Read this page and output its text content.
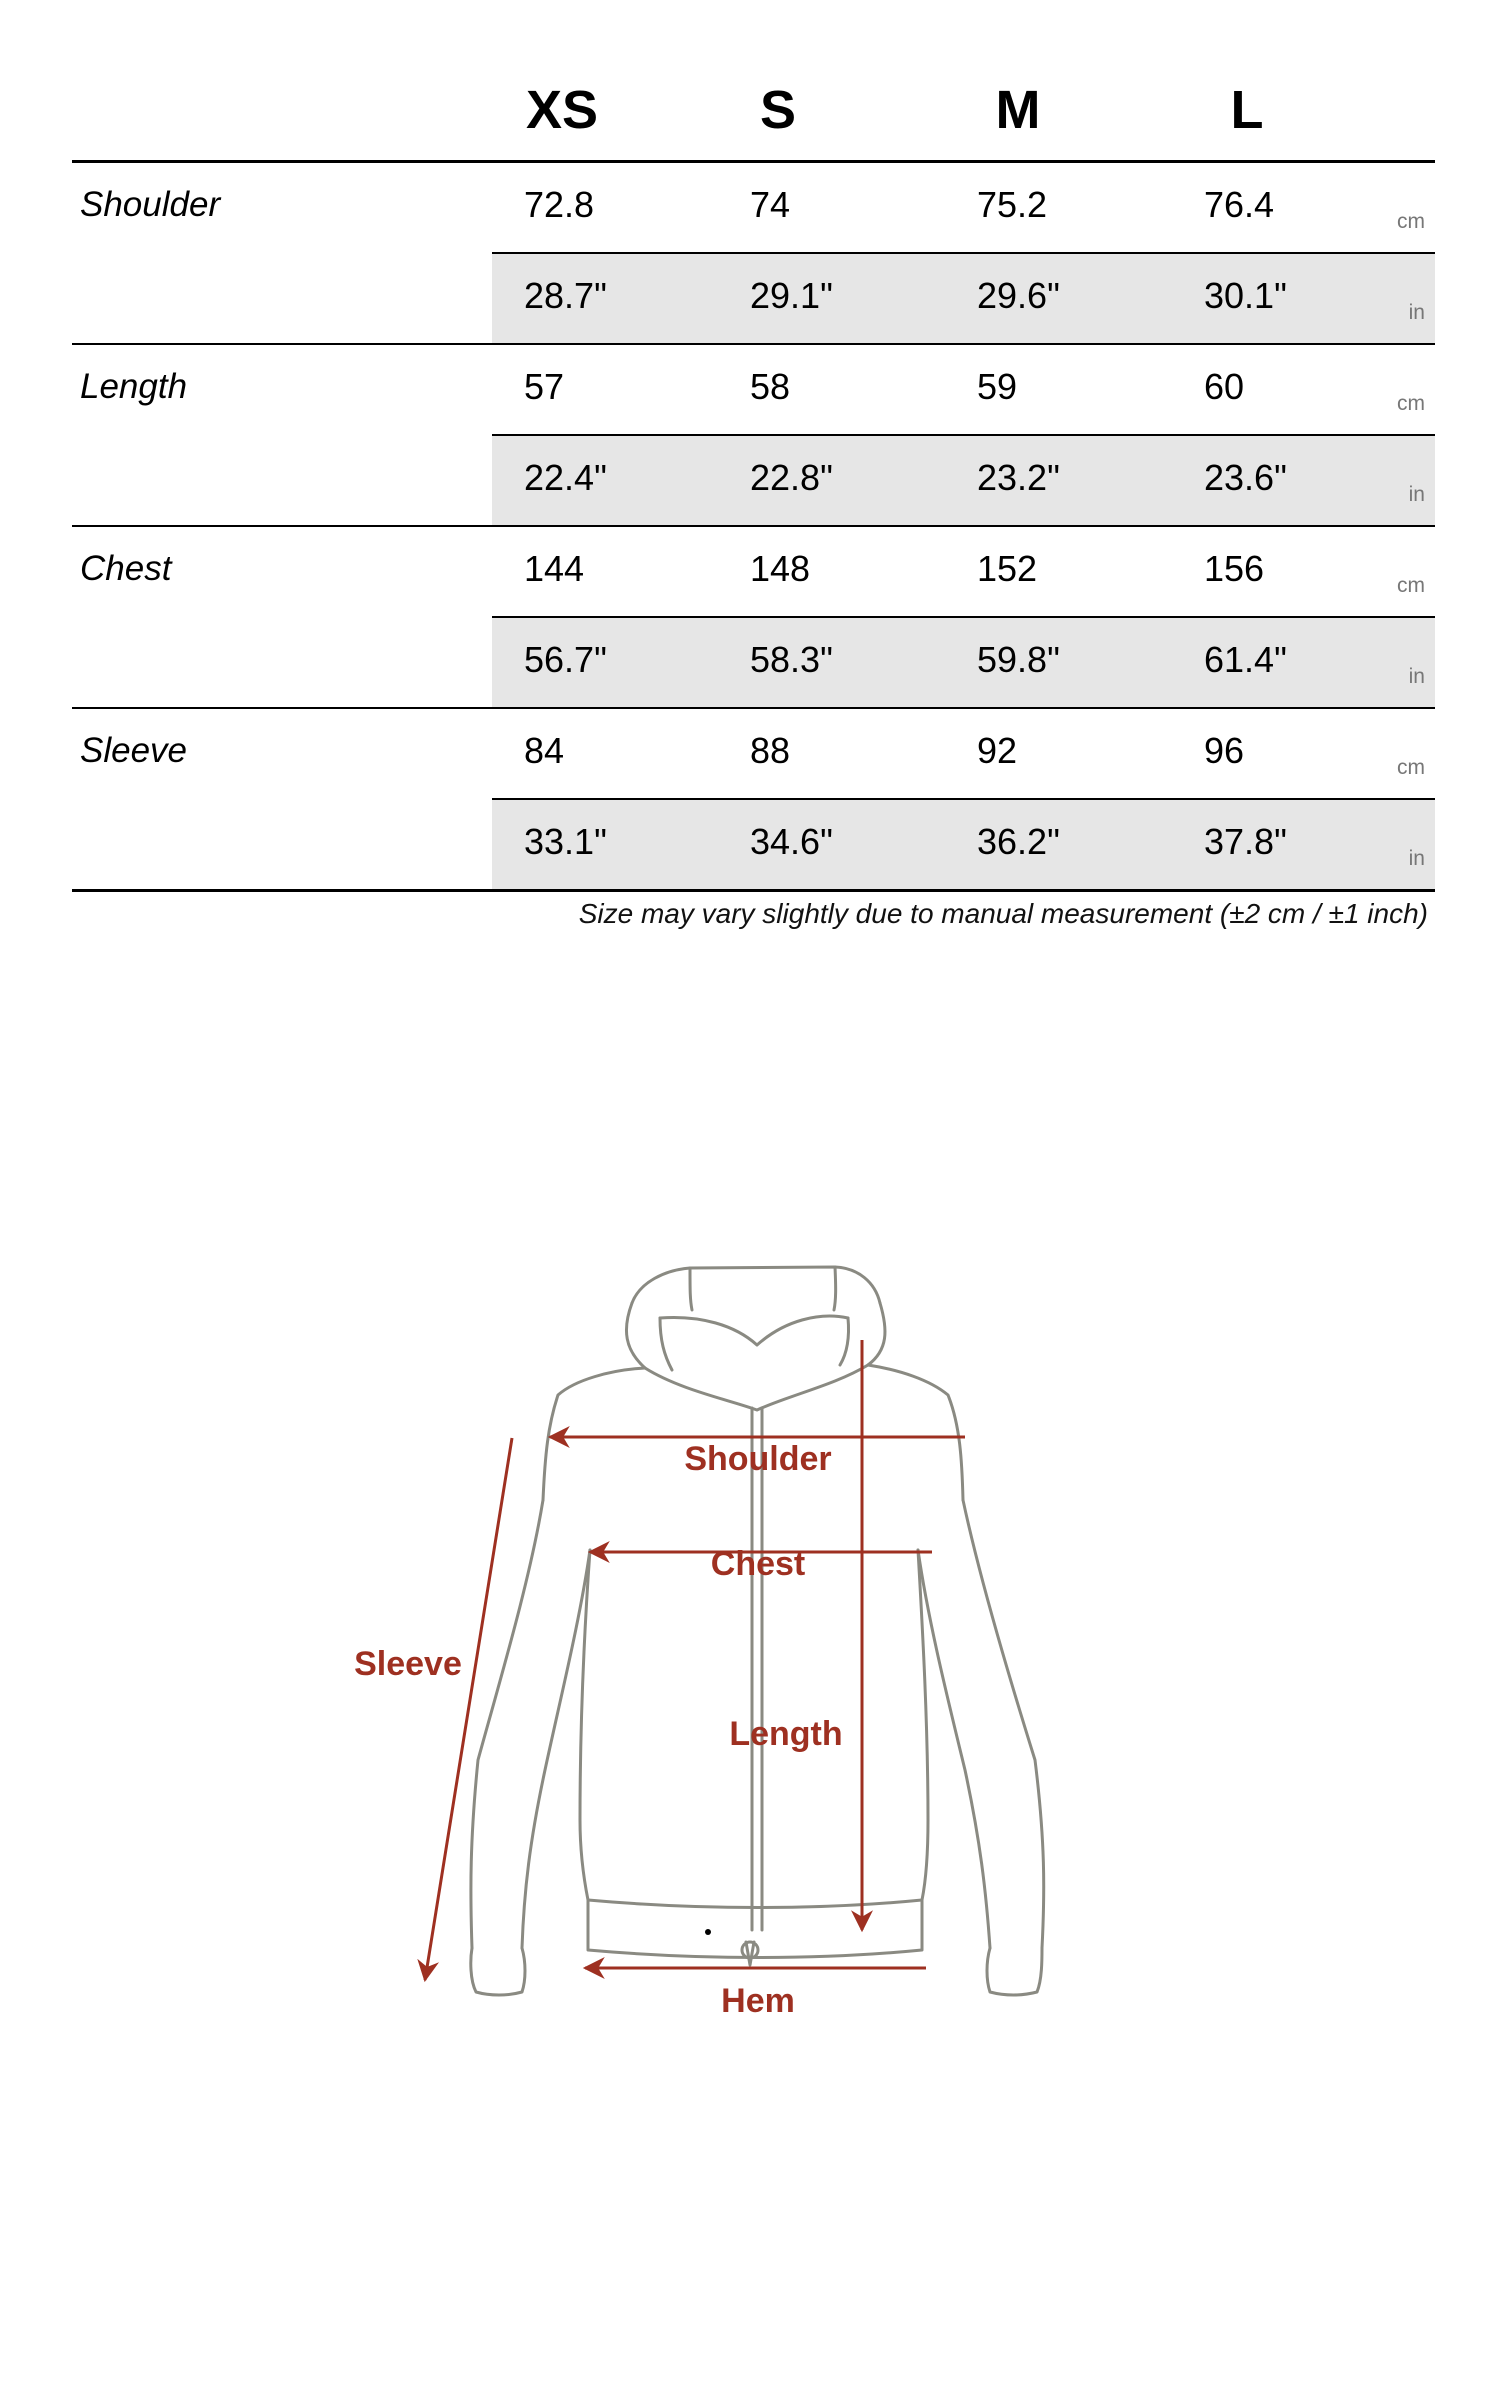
XS	S	M	L
Shoulder	72.8	74	75.2	76.4	cm
28.7"	29.1"	29.6"	30.1"	in
Length	57	58	59	60	cm
22.4"	22.8"	23.2"	23.6"	in
Chest	144	148	152	156	cm
56.7"	58.3"	59.8"	61.4"	in
Sleeve	84	88	92	96	cm
33.1"	34.6"	36.2"	37.8"	in
Size may vary slightly due to manual measurement (±2 cm / ±1 inch)
Shoulder
Chest
Length
Sleeve
Hem
